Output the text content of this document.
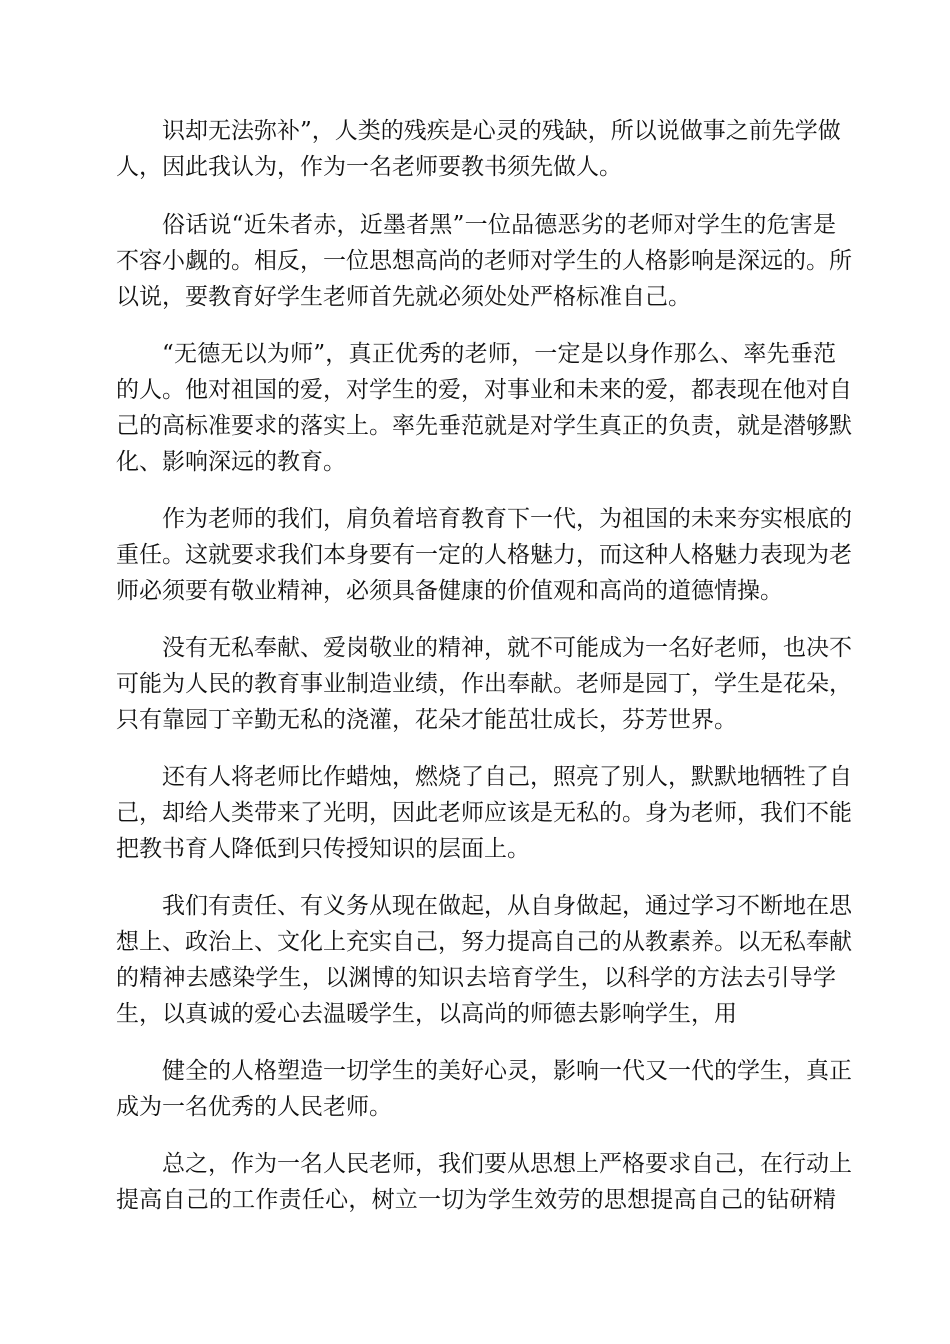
识却无法弥补”，人类的残疾是心灵的残缺，所以说做事之前先学做
人，因此我认为，作为一名老师要教书须先做人。
俗话说“近朱者赤，近墨者黑”一位品德恶劣的老师对学生的危害是
不容小觑的。相反，一位思想高尚的老师对学生的人格影响是深远的。所
以说，要教育好学生老师首先就必须处处严格标准自己。
“无德无以为师”，真正优秀的老师，一定是以身作那么、率先垂范
的人。他对祖国的爱，对学生的爱，对事业和未来的爱，都表现在他对自
己的高标准要求的落实上。率先垂范就是对学生真正的负责，就是潜够默
化、影响深远的教育。
作为老师的我们，肩负着培育教育下一代，为祖国的未来夯实根底的
重任。这就要求我们本身要有一定的人格魅力，而这种人格魅力表现为老
师必须要有敬业精神，必须具备健康的价值观和高尚的道德情操。
没有无私奉献、爱岗敬业的精神，就不可能成为一名好老师，也决不
可能为人民的教育事业制造业绩，作出奉献。老师是园丁，学生是花朵，
只有靠园丁辛勤无私的浇灌，花朵才能茁壮成长，芬芳世界。
还有人将老师比作蜡烛，燃烧了自己，照亮了别人，默默地牺牲了自
己，却给人类带来了光明，因此老师应该是无私的。身为老师，我们不能
把教书育人降低到只传授知识的层面上。
我们有责任、有义务从现在做起，从自身做起，通过学习不断地在思
想上、政治上、文化上充实自己，努力提高自己的从教素养。以无私奉献
的精神去感染学生，以渊博的知识去培育学生，以科学的方法去引导学
生，以真诚的爱心去温暖学生，以高尚的师德去影响学生，用
健全的人格塑造一切学生的美好心灵，影响一代又一代的学生，真正
成为一名优秀的人民老师。
总之，作为一名人民老师，我们要从思想上严格要求自己，在行动上
提高自己的工作责任心，树立一切为学生效劳的思想提高自己的钻研精
